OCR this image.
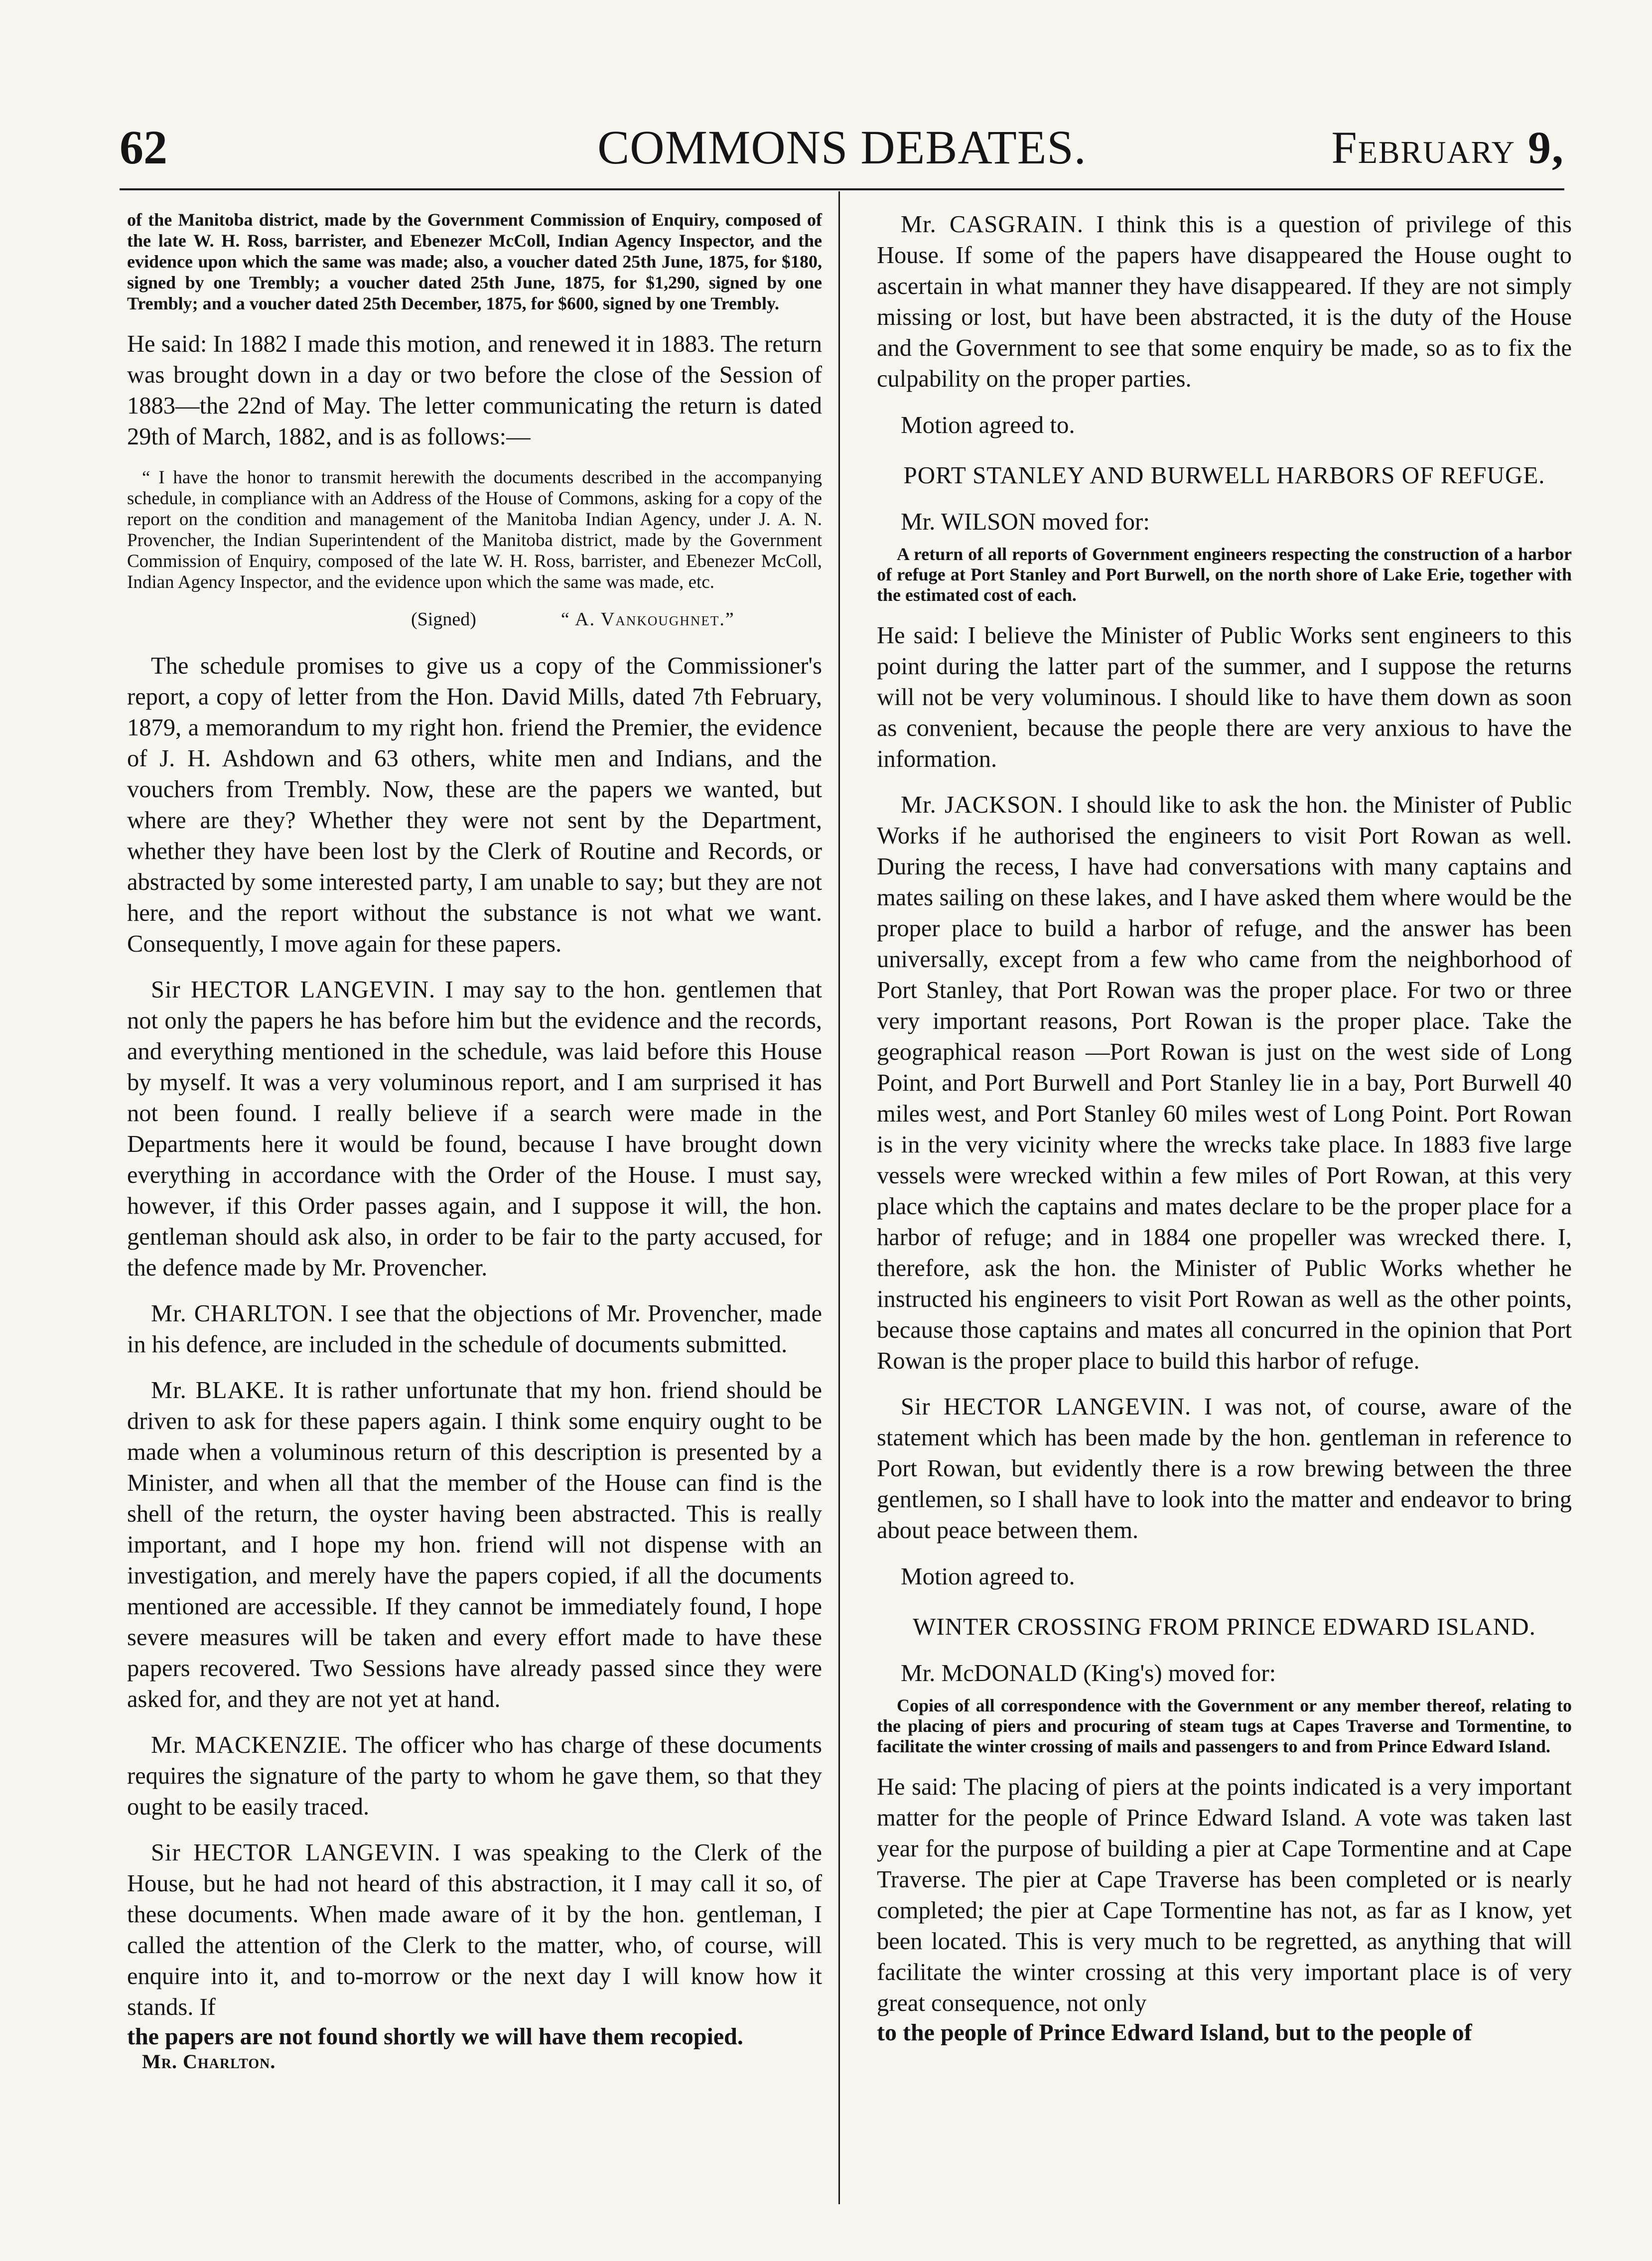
62	COMMONS DEBATES.	February 9,

of the Manitoba district, made by the Government Commission of Enquiry, composed of the late W. H. Ross, barrister, and Ebenezer McColl, Indian Agency Inspector, and the evidence upon which the same was made; also, a voucher dated 25th June, 1875, for $180, signed by one Trembly; a voucher dated 25th June, 1875, for $1,290, signed by one Trembly; and a voucher dated 25th December, 1875, for $600, signed by one Trembly.

He said: In 1882 I made this motion, and renewed it in 1883. The return was brought down in a day or two before the close of the Session of 1883—the 22nd of May. The letter communicating the return is dated 29th of March, 1882, and is as follows:—

“ I have the honor to transmit herewith the documents described in the accompanying schedule, in compliance with an Address of the House of Commons, asking for a copy of the report on the condition and management of the Manitoba Indian Agency, under J. A. N. Provencher, the Indian Superintendent of the Manitoba district, made by the Government Commission of Enquiry, composed of the late W. H. Ross, barrister, and Ebenezer McColl, Indian Agency Inspector, and the evidence upon which the same was made, etc.

(Signed)	“ A. Vankoughnet.”

The schedule promises to give us a copy of the Commissioner's report, a copy of letter from the Hon. David Mills, dated 7th February, 1879, a memorandum to my right hon. friend the Premier, the evidence of J. H. Ashdown and 63 others, white men and Indians, and the vouchers from Trembly. Now, these are the papers we wanted, but where are they? Whether they were not sent by the Department, whether they have been lost by the Clerk of Routine and Records, or abstracted by some interested party, I am unable to say; but they are not here, and the report without the substance is not what we want. Consequently, I move again for these papers.

Sir HECTOR LANGEVIN. I may say to the hon. gentlemen that not only the papers he has before him but the evidence and the records, and everything mentioned in the schedule, was laid before this House by myself. It was a very voluminous report, and I am surprised it has not been found. I really believe if a search were made in the Departments here it would be found, because I have brought down everything in accordance with the Order of the House. I must say, however, if this Order passes again, and I suppose it will, the hon. gentleman should ask also, in order to be fair to the party accused, for the defence made by Mr. Provencher.

Mr. CHARLTON. I see that the objections of Mr. Provencher, made in his defence, are included in the schedule of documents submitted.

Mr. BLAKE. It is rather unfortunate that my hon. friend should be driven to ask for these papers again. I think some enquiry ought to be made when a voluminous return of this description is presented by a Minister, and when all that the member of the House can find is the shell of the return, the oyster having been abstracted. This is really important, and I hope my hon. friend will not dispense with an investigation, and merely have the papers copied, if all the documents mentioned are accessible. If they cannot be immediately found, I hope severe measures will be taken and every effort made to have these papers recovered. Two Sessions have already passed since they were asked for, and they are not yet at hand.

Mr. MACKENZIE. The officer who has charge of these documents requires the signature of the party to whom he gave them, so that they ought to be easily traced.

Sir HECTOR LANGEVIN. I was speaking to the Clerk of the House, but he had not heard of this abstraction, it I may call it so, of these documents. When made aware of it by the hon. gentleman, I called the attention of the Clerk to the matter, who, of course, will enquire into it, and to-morrow or the next day I will know how it stands. If

the papers are not found shortly we will have them recopied.
Mr. Charlton.

Mr. CASGRAIN. I think this is a question of privilege of this House. If some of the papers have disappeared the House ought to ascertain in what manner they have disappeared. If they are not simply missing or lost, but have been abstracted, it is the duty of the House and the Government to see that some enquiry be made, so as to fix the culpability on the proper parties.

Motion agreed to.
PORT STANLEY AND BURWELL HARBORS OF REFUGE.
Mr. WILSON moved for:

A return of all reports of Government engineers respecting the construction of a harbor of refuge at Port Stanley and Port Burwell, on the north shore of Lake Erie, together with the estimated cost of each.

He said: I believe the Minister of Public Works sent engineers to this point during the latter part of the summer, and I suppose the returns will not be very voluminous. I should like to have them down as soon as convenient, because the people there are very anxious to have the information.

Mr. JACKSON. I should like to ask the hon. the Minister of Public Works if he authorised the engineers to visit Port Rowan as well. During the recess, I have had conversations with many captains and mates sailing on these lakes, and I have asked them where would be the proper place to build a harbor of refuge, and the answer has been universally, except from a few who came from the neighborhood of Port Stanley, that Port Rowan was the proper place. For two or three very important reasons, Port Rowan is the proper place. Take the geographical reason —Port Rowan is just on the west side of Long Point, and Port Burwell and Port Stanley lie in a bay, Port Burwell 40 miles west, and Port Stanley 60 miles west of Long Point. Port Rowan is in the very vicinity where the wrecks take place. In 1883 five large vessels were wrecked within a few miles of Port Rowan, at this very place which the captains and mates declare to be the proper place for a harbor of refuge; and in 1884 one propeller was wrecked there. I, therefore, ask the hon. the Minister of Public Works whether he instructed his engineers to visit Port Rowan as well as the other points, because those captains and mates all concurred in the opinion that Port Rowan is the proper place to build this harbor of refuge.

Sir HECTOR LANGEVIN. I was not, of course, aware of the statement which has been made by the hon. gentleman in reference to Port Rowan, but evidently there is a row brewing between the three gentlemen, so I shall have to look into the matter and endeavor to bring about peace between them.

Motion agreed to.
WINTER CROSSING FROM PRINCE EDWARD ISLAND.
Mr. McDONALD (King's) moved for:

Copies of all correspondence with the Government or any member thereof, relating to the placing of piers and procuring of steam tugs at Capes Traverse and Tormentine, to facilitate the winter crossing of mails and passengers to and from Prince Edward Island.

He said: The placing of piers at the points indicated is a very important matter for the people of Prince Edward Island. A vote was taken last year for the purpose of building a pier at Cape Tormentine and at Cape Traverse. The pier at Cape Traverse has been completed or is nearly completed; the pier at Cape Tormentine has not, as far as I know, yet been located. This is very much to be regretted, as anything that will facilitate the winter crossing at this very important place is of very great consequence, not only

to the people of Prince Edward Island, but to the people of
